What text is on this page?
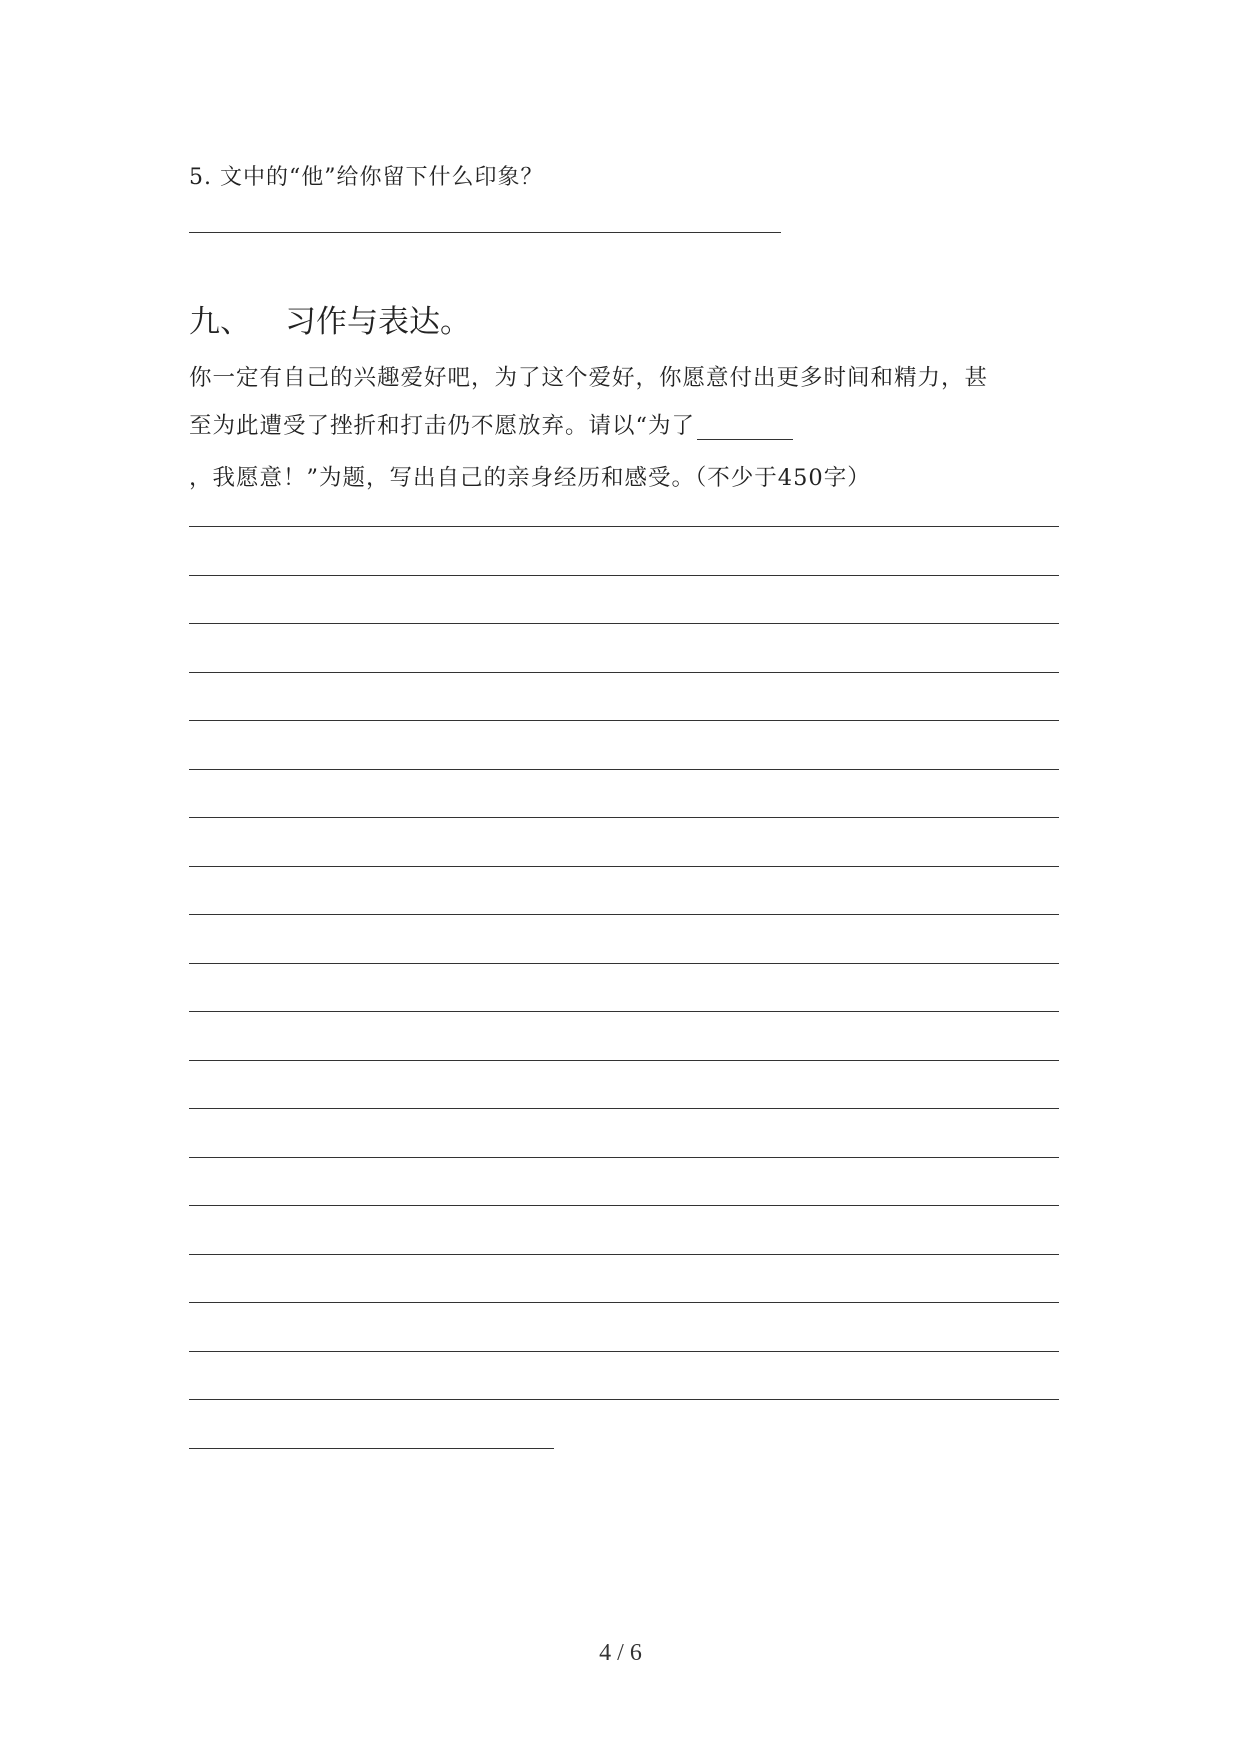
5. 文中的“他”给你留下什么印象？
九、 习作与表达。
你一定有自己的兴趣爱好吧，为了这个爱好，你愿意付出更多时间和精力，甚
至为此遭受了挫折和打击仍不愿放弃。请以“为了
，我愿意！”为题，写出自己的亲身经历和感受。（不少于450字）
4 / 6
